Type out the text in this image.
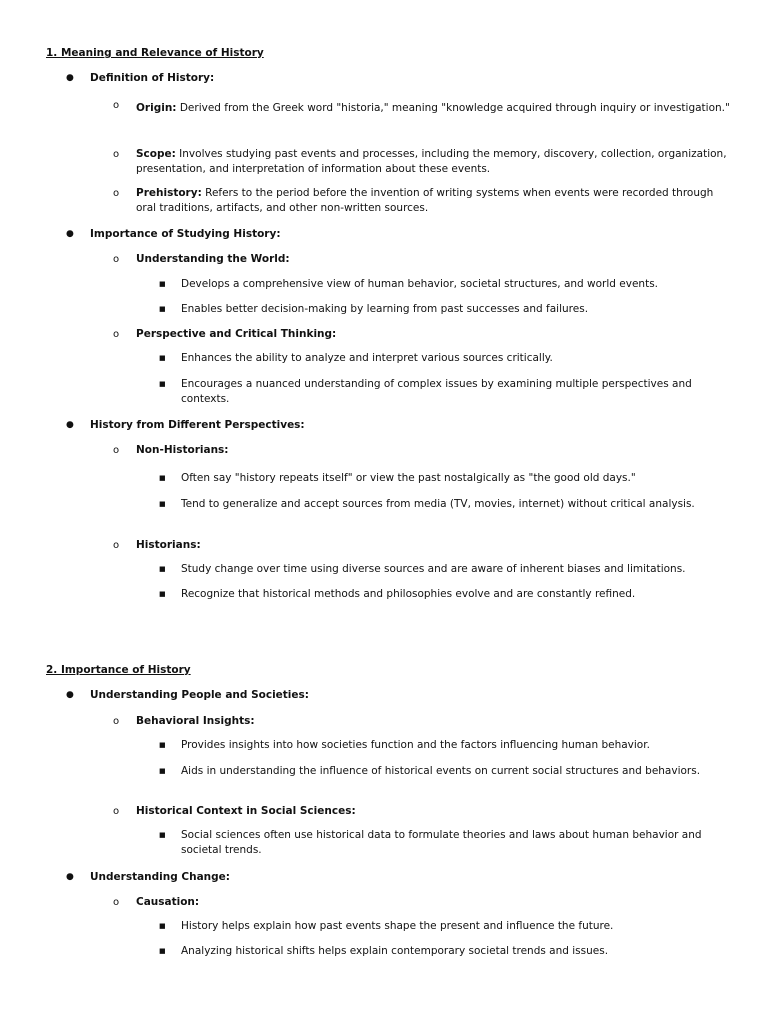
1. Meaning and Relevance of History
●	Definition of History:
o	Origin: Derived from the Greek word "historia," meaning "knowledge acquired through inquiry or investigation."
o	Scope: Involves studying past events and processes, including the memory, discovery, collection, organization, presentation, and interpretation of information about these events.
o	Prehistory: Refers to the period before the invention of writing systems when events were recorded through oral traditions, artifacts, and other non-written sources.
●	Importance of Studying History:
o	Understanding the World:
■	Develops a comprehensive view of human behavior, societal structures, and world events.
■	Enables better decision-making by learning from past successes and failures.
o	Perspective and Critical Thinking:
■	Enhances the ability to analyze and interpret various sources critically.
■	Encourages a nuanced understanding of complex issues by examining multiple perspectives and contexts.
●	History from Different Perspectives:
o	Non-Historians:
■	Often say "history repeats itself" or view the past nostalgically as "the good old days."
■	Tend to generalize and accept sources from media (TV, movies, internet) without critical analysis.
o	Historians:
■	Study change over time using diverse sources and are aware of inherent biases and limitations.
■	Recognize that historical methods and philosophies evolve and are constantly refined.
2. Importance of History
●	Understanding People and Societies:
o	Behavioral Insights:
■	Provides insights into how societies function and the factors influencing human behavior.
■	Aids in understanding the influence of historical events on current social structures and behaviors.
o	Historical Context in Social Sciences:
■	Social sciences often use historical data to formulate theories and laws about human behavior and societal trends.
●	Understanding Change:
o	Causation:
■	History helps explain how past events shape the present and influence the future.
■	Analyzing historical shifts helps explain contemporary societal trends and issues.
